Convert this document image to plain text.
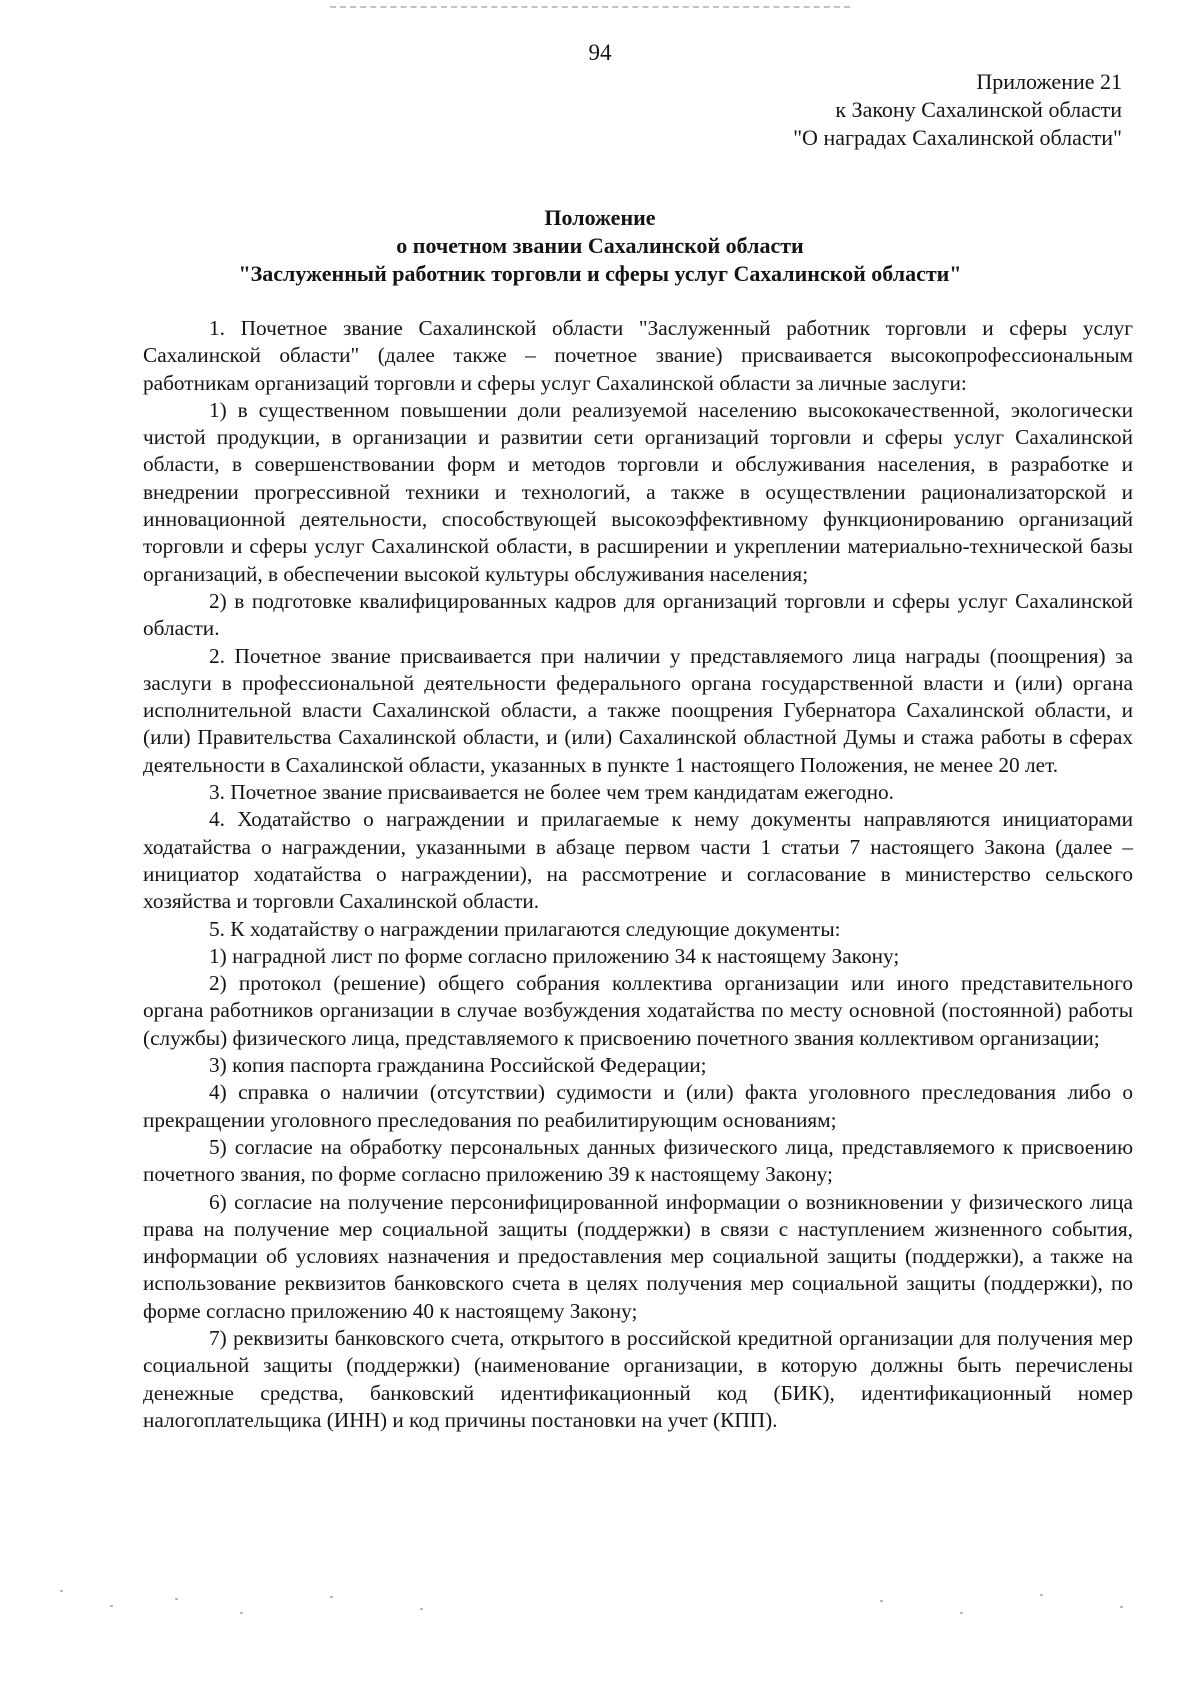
94
Приложение 21
к Закону Сахалинской области
"О наградах Сахалинской области"
Положение
о почетном звании Сахалинской области
"Заслуженный работник торговли и сферы услуг Сахалинской области"

1. Почетное звание Сахалинской области "Заслуженный работник торговли и сферы услуг Сахалинской области" (далее также – почетное звание) присваивается высокопрофессиональным работникам организаций торговли и сферы услуг Сахалинской области за личные заслуги:

1) в существенном повышении доли реализуемой населению высококачественной, экологически чистой продукции, в организации и развитии сети организаций торговли и сферы услуг Сахалинской области, в совершенствовании форм и методов торговли и обслуживания населения, в разработке и внедрении прогрессивной техники и технологий, а также в осуществлении рационализаторской и инновационной деятельности, способствующей высокоэффективному функционированию организаций торговли и сферы услуг Сахалинской области, в расширении и укреплении материально-технической базы организаций, в обеспечении высокой культуры обслуживания населения;

2) в подготовке квалифицированных кадров для организаций торговли и сферы услуг Сахалинской области.

2. Почетное звание присваивается при наличии у представляемого лица награды (поощрения) за заслуги в профессиональной деятельности федерального органа государственной власти и (или) органа исполнительной власти Сахалинской области, а также поощрения Губернатора Сахалинской области, и (или) Правительства Сахалинской области, и (или) Сахалинской областной Думы и стажа работы в сферах деятельности в Сахалинской области, указанных в пункте 1 настоящего Положения, не менее 20 лет.

3. Почетное звание присваивается не более чем трем кандидатам ежегодно.

4. Ходатайство о награждении и прилагаемые к нему документы направляются инициаторами ходатайства о награждении, указанными в абзаце первом части 1 статьи 7 настоящего Закона (далее – инициатор ходатайства о награждении), на рассмотрение и согласование в министерство сельского хозяйства и торговли Сахалинской области.

5. К ходатайству о награждении прилагаются следующие документы:

1) наградной лист по форме согласно приложению 34 к настоящему Закону;

2) протокол (решение) общего собрания коллектива организации или иного представительного органа работников организации в случае возбуждения ходатайства по месту основной (постоянной) работы (службы) физического лица, представляемого к присвоению почетного звания коллективом организации;

3) копия паспорта гражданина Российской Федерации;

4) справка о наличии (отсутствии) судимости и (или) факта уголовного преследования либо о прекращении уголовного преследования по реабилитирующим основаниям;

5) согласие на обработку персональных данных физического лица, представляемого к присвоению почетного звания, по форме согласно приложению 39 к настоящему Закону;

6) согласие на получение персонифицированной информации о возникновении у физического лица права на получение мер социальной защиты (поддержки) в связи с наступлением жизненного события, информации об условиях назначения и предоставления мер социальной защиты (поддержки), а также на использование реквизитов банковского счета в целях получения мер социальной защиты (поддержки), по форме согласно приложению 40 к настоящему Закону;

7) реквизиты банковского счета, открытого в российской кредитной организации для получения мер социальной защиты (поддержки) (наименование организации, в которую должны быть перечислены денежные средства, банковский идентификационный код (БИК), идентификационный номер налогоплательщика (ИНН) и код причины постановки на учет (КПП).
